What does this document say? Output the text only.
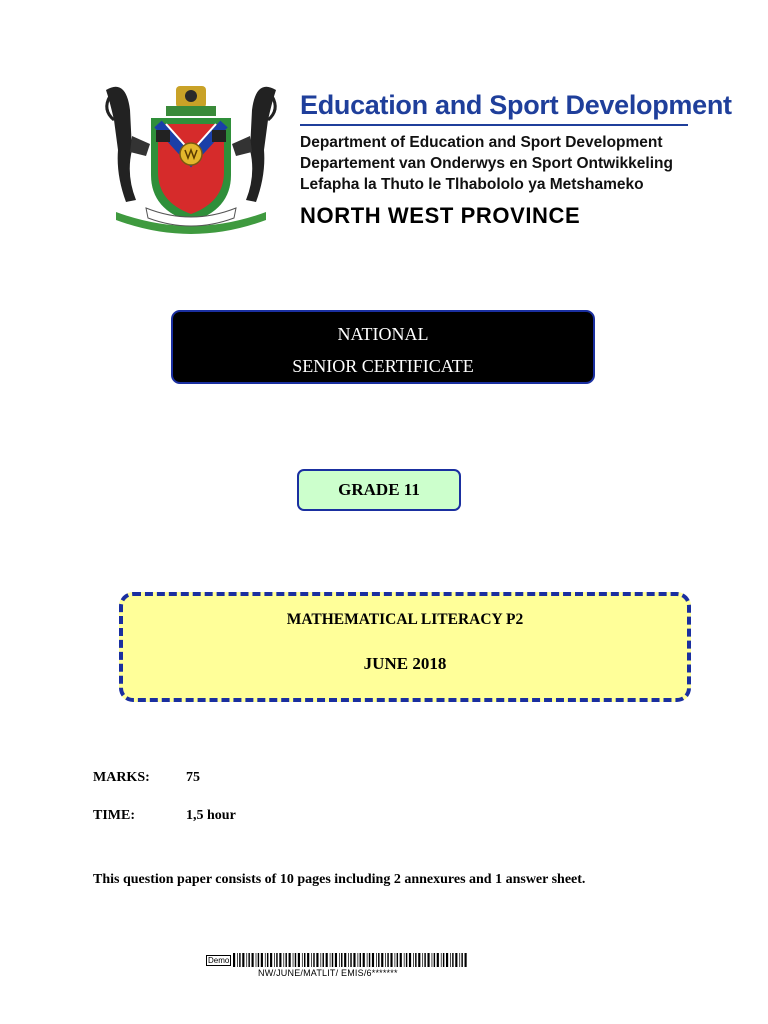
Education and Sport Development
Department of Education and Sport Development
Departement van Onderwys en Sport Ontwikkeling
Lefapha la Thuto le Tlhabololo ya Metshameko
NORTH WEST PROVINCE
NATIONAL
SENIOR CERTIFICATE
GRADE 11
MATHEMATICAL LITERACY P2
JUNE 2018
MARKS:	75
TIME:	1,5 hour
This question paper consists of 10 pages including 2 annexures and 1 answer sheet.
Demo
NW/JUNE/MATLIT/ EMIS/6*******
